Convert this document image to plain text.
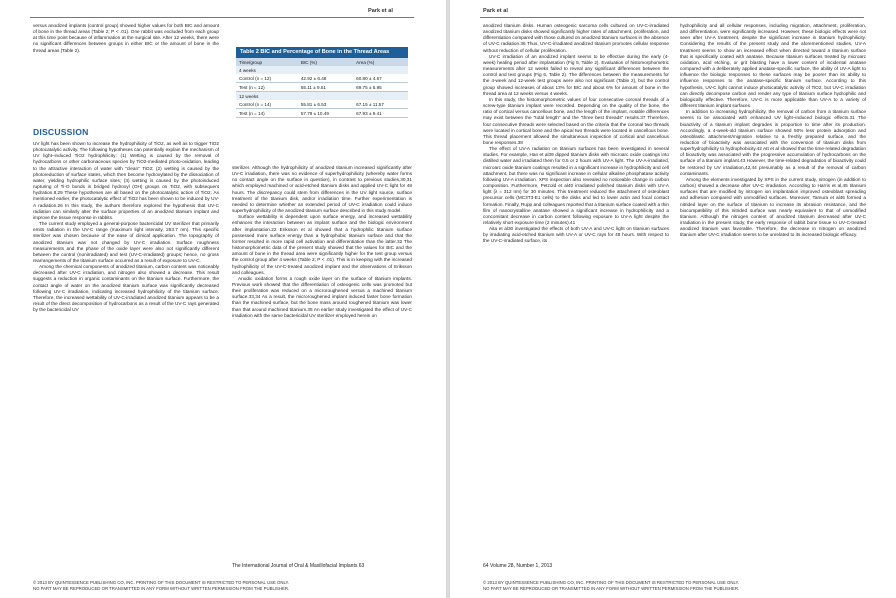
Park et al

versus anodized implants (control group) showed higher values for both BIC and amount of bone in the thread areas (Table 2; P < .01). One rabbit was excluded from each group at this time point because of inflammation at the surgical site. After 12 weeks, there were no significant differences between groups in either BIC or the amount of bone in the thread areas (Table 2).

DISCUSSION

UV light has been shown to increase the hydrophilicity of TiO2, as well as to trigger TiO2 photocatalytic activity. The following hypotheses can potentially explain the mechanism of UV light–induced TiO2 hydrophilicity: (1) Wetting is caused by the removal of hydrocarbons or other carbonaceous species by TiO2-mediated photo-oxidation, leading to the attractive interaction of water with "clean" TiO2; (2) wetting is caused by the photoreduction of surface states, which then become hydroxylated by the dissociation of water, yielding hydrophilic surface sites; (3) wetting is caused by the photoinduced rupturing of Ti-O bonds in bridged hydroxyl (OH) groups on TiO2, with subsequent hydration.8,29 These hypotheses are all based on the photocatalytic action of TiO2. As mentioned earlier, the photocatalytic effect of TiO2 has been shown to be induced by UV-A radiation.26 In this study, the authors therefore explored the hypothesis that UV-C radiation can similarly alter the surface properties of an anodized titanium implant and improve the tissue response in rabbits.

The current study employed a general-purpose bactericidal UV sterilizer that primarily emits radiation in the UV-C range (maximum light intensity, 253.7 nm). This specific sterilizer was chosen because of the ease of clinical application. The topography of anodized titanium was not changed by UV-C irradiation. Surface roughness measurements and the phase of the oxide layer were also not significantly different between the control (nonirradiated) and test (UV-C-irradiated) groups; hence, no gross rearrangements of the titanium surface occurred as a result of exposure to UV-C.

Among the chemical components of anodized titanium, carbon content was noticeably decreased after UV-C irradiation, and nitrogen also showed a decrease. This result suggests a reduction in organic contaminants on the titanium surface. Furthermore, the contact angle of water on the anodized titanium surface was significantly decreased following UV-C irradiation, indicating increased hydrophilicity of the titanium surface. Therefore, the increased wettability of UV-C-irradiated anodized titanium appears to be a result of the direct decomposition of hydrocarbons as a result of the UV-C rays generated by the bactericidal UV

Table 2 BIC and Percentage of Bone in the Thread Areas
Time/group	BIC (%)	Area (%)
4 weeks		
Control (n = 12)	42.92 ± 6.48	60.80 ± 4.67
Test (n = 12)	55.11 ± 9.51	69.75 ± 5.95
12 weeks		
Control (n = 14)	55.81 ± 6.53	67.15 ± 11.57
Test (n = 14)	57.78 ± 10.49	67.93 ± 9.41

sterilizer. Although the hydrophilicity of anodized titanium increased significantly after UV-C irradiation, there was no evidence of superhydrophilicity (whereby water forms no contact angle on the surface in question), in contrast to previous studies,30,31 which employed machined or acid-etched titanium disks and applied UV-C light for 48 hours. The discrepancy could stem from differences in the UV light source, surface treatment of the titanium disk, and/or irradiation time. Further experimentation is needed to determine whether an extended period of UV-C irradiation could induce superhydrophilicity of the anodized titanium surface described in this study model.

Surface wettability is dependent upon surface energy, and increased wettability enhances the interaction between an implant surface and the biologic environment after implantation.22 Eriksson et al showed that a hydrophilic titanium surface possessed more surface energy than a hydrophobic titanium surface and that the former resulted in more rapid cell activation and differentiation than the latter.32 The histomorphometric data of the present study showed that the values for BIC and the amount of bone in the thread area were significantly higher for the test group versus the control group after 4 weeks (Table 2; P < .01). This is in keeping with the increased hydrophilicity of the UV-C-treated anodized implant and the observations of Eriksson and colleagues.

Anodic oxidation forms a rough oxide layer on the surface of titanium implants. Previous work showed that the differentiation of osteogenic cells was promoted but their proliferation was reduced on a microroughened versus a machined titanium surface.33,34 As a result, the microroughened implant induced faster bone formation than the machined surface, but the bone mass around roughened titanium was lower than that around machined titanium.35 An earlier study investigated the effect of UV-C irradiation with the same bactericidal UV sterilizer employed herein on

The International Journal of Oral & Maxillofacial Implants 63
© 2013 BY QUINTESSENCE PUBLISHING CO, INC. PRINTING OF THIS DOCUMENT IS RESTRICTED TO PERSONAL USE ONLY.
NO PART MAY BE REPRODUCED OR TRANSMITTED IN ANY FORM WITHOUT WRITTEN PERMISSION FROM THE PUBLISHER.
Park et al

anodized titanium disks. Human osteogenic sarcoma cells cultured on UV-C-irradiated anodized titanium disks showed significantly higher rates of attachment, proliferation, and differentiation compared with those cultured on anodized titanium surfaces in the absence of UV-C radiation.36 Thus, UV-C-irradiated anodized titanium promotes cellular response without reduction of cellular proliferation.

UV-C irradiation of an anodized implant seems to be effective during the early (4-week) healing period after implantation (Fig 5, Table 2). Evaluation of histomorphometric measurements after 12 weeks failed to reveal any significant differences between the control and test groups (Fig 6, Table 2). The differences between the measurements for the 4-week and 12-week test groups were also not significant (Table 2), but the control group showed increases of about 13% for BIC and about 6% for amount of bone in the thread area at 12 weeks versus 4 weeks.

In this study, the histomorphometric values of four consecutive coronal threads of a screw-type titanium implant were recorded. Depending on the quality of the bone, the ratio of cortical versus cancellous bone, and the length of the implant, notable differences may exist between the "total length" and the "three best threads" results.37 Therefore, four consecutive threads were selected based on the criteria that the coronal two threads were located in cortical bone and the apical two threads were located in cancellous bone. This thread placement allowed the simultaneous inspection of cortical and cancellous bone responses.38

The effect of UV-A radiation on titanium surfaces has been investigated in several studies. For example, Han et al39 dipped titanium disks with microarc oxide coatings into distilled water and irradiated them for 0.5 or 2 hours with UV-A light. The UV-A-irradiated, microarc oxide titanium coatings resulted in a significant increase in hydrophilicity and cell attachment, but there was no significant increase in cellular alkaline phosphatase activity following UV-A irradiation. XPS inspection also revealed no noticeable change in carbon composition. Furthermore, Petzold et al40 irradiated polished titanium disks with UV-A light (λ = 312 nm) for 30 minutes. This treatment reduced the attachment of osteoblast precursor cells (MC3T3-E1 cells) to the disks and led to lower actin and focal contact formation. Finally, Rupp and colleagues reported that a titanium surface coated with a thin film of nanocrystalline anatase showed a significant increase in hydrophilicity and a concomitant decrease in carbon content following exposure to UV-A light despite the relatively short exposure time (2 minutes).41

Aita et al30 investigated the effects of both UV-A and UV-C light on titanium surfaces by irradiating acid-etched titanium with UV-A or UV-C rays for 48 hours. With respect to the UV-C-irradiated surface, its

hydrophilicity and all cellular responses, including migration, attachment, proliferation, and differentiation, were significantly increased. However, these biologic effects were not seen after UV-A treatment, despite the significant increase in titanium hydrophilicity. Considering the results of the present study and the aforementioned studies, UV-A treatment seems to show an increased effect when directed toward a titanium surface that is specifically coated with anatase. Because titanium surfaces treated by microarc oxidation, acid etching, or grit blasting have a lower content of incidental anatase compared with a deliberately applied anatase-specific surface, the ability of UV-A light to influence the biologic responses to these surfaces may be poorer than its ability to influence responses to the anatase-specific titanium surface. According to this hypothesis, UV-C light cannot induce photocatalytic activity of TiO2, but UV-C irradiation can directly decompose carbon and render any type of titanium surface hydrophilic and biologically effective. Therefore, UV-C is more applicable than UV-A to a variety of different titanium implant surfaces.

In addition to increasing hydrophilicity, the removal of carbon from a titanium surface seems to be associated with enhanced UV light–induced biologic effects.31 The bioactivity of a titanium implant degrades in proportion to time after its production. Accordingly, a 4-week-old titanium surface showed 50% less protein adsorption and osteoblastic attachment/migration relative to a freshly prepared surface, and the reduction of bioactivity was associated with the conversion of titanium disks from superhydrophilicity to hydrophobicity.42 Att et al showed that the time-related degradation of bioactivity was associated with the progressive accumulation of hydrocarbons on the surface of a titanium implant.43 However, the time-related degradation of bioactivity could be restored by UV irradiation,42,44 presumably as a result of the removal of carbon contaminants.

Among the elements investigated by XPS in the current study, nitrogen (in addition to carbon) showed a decrease after UV-C irradiation. According to Harris et al,45 titanium surfaces that are modified by nitrogen ion implantation improved osteoblast spreading and adhesion compared with unmodified surfaces. Moreover, Tamura et al46 formed a nitrided layer on the surface of titanium to increase its abrasion resistance, and the biocompatibility of this nitrided surface was nearly equivalent to that of unmodified titanium. Although the nitrogen content of anodized titanium decreased after UV-C irradiation in the present study, the early response of rabbit bone tissue to UV-C-treated anodized titanium was favorable. Therefore, the decrease in nitrogen on anodized titanium after UV-C irradiation seems to be unrelated to its increased biologic efficacy.

64 Volume 28, Number 1, 2013
© 2013 BY QUINTESSENCE PUBLISHING CO, INC. PRINTING OF THIS DOCUMENT IS RESTRICTED TO PERSONAL USE ONLY.
NO PART MAY BE REPRODUCED OR TRANSMITTED IN ANY FORM WITHOUT WRITTEN PERMISSION FROM THE PUBLISHER.
